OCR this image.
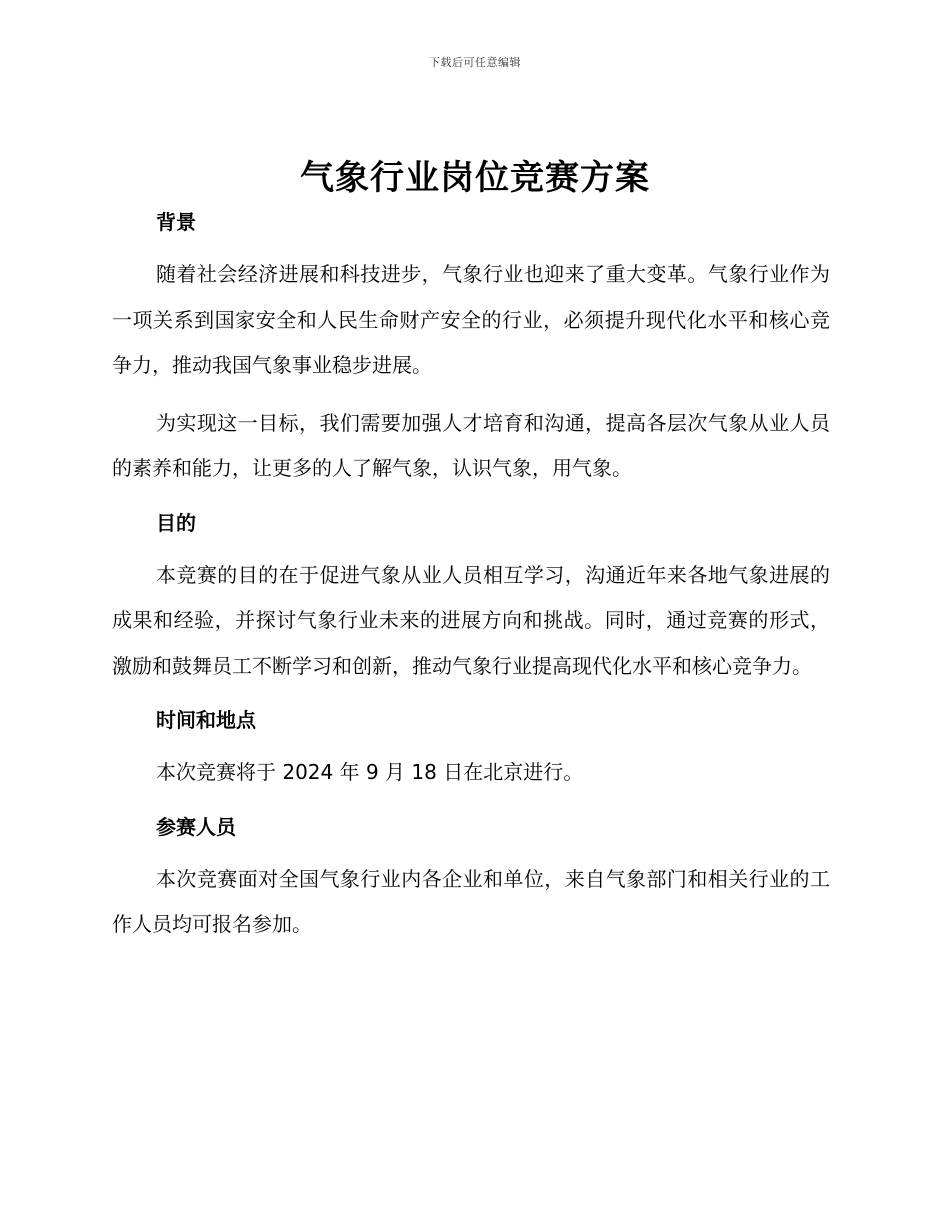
下载后可任意编辑
气象行业岗位竞赛方案
背景

随着社会经济进展和科技进步，气象行业也迎来了重大变革。气象行业作为一项关系到国家安全和人民生命财产安全的行业，必须提升现代化水平和核心竞争力，推动我国气象事业稳步进展。

为实现这一目标，我们需要加强人才培育和沟通，提高各层次气象从业人员的素养和能力，让更多的人了解气象，认识气象，用气象。

目的

本竞赛的目的在于促进气象从业人员相互学习，沟通近年来各地气象进展的成果和经验，并探讨气象行业未来的进展方向和挑战。同时，通过竞赛的形式，激励和鼓舞员工不断学习和创新，推动气象行业提高现代化水平和核心竞争力。

时间和地点

本次竞赛将于 2024 年 9 月 18 日在北京进行。

参赛人员

本次竞赛面对全国气象行业内各企业和单位，来自气象部门和相关行业的工作人员均可报名参加。
